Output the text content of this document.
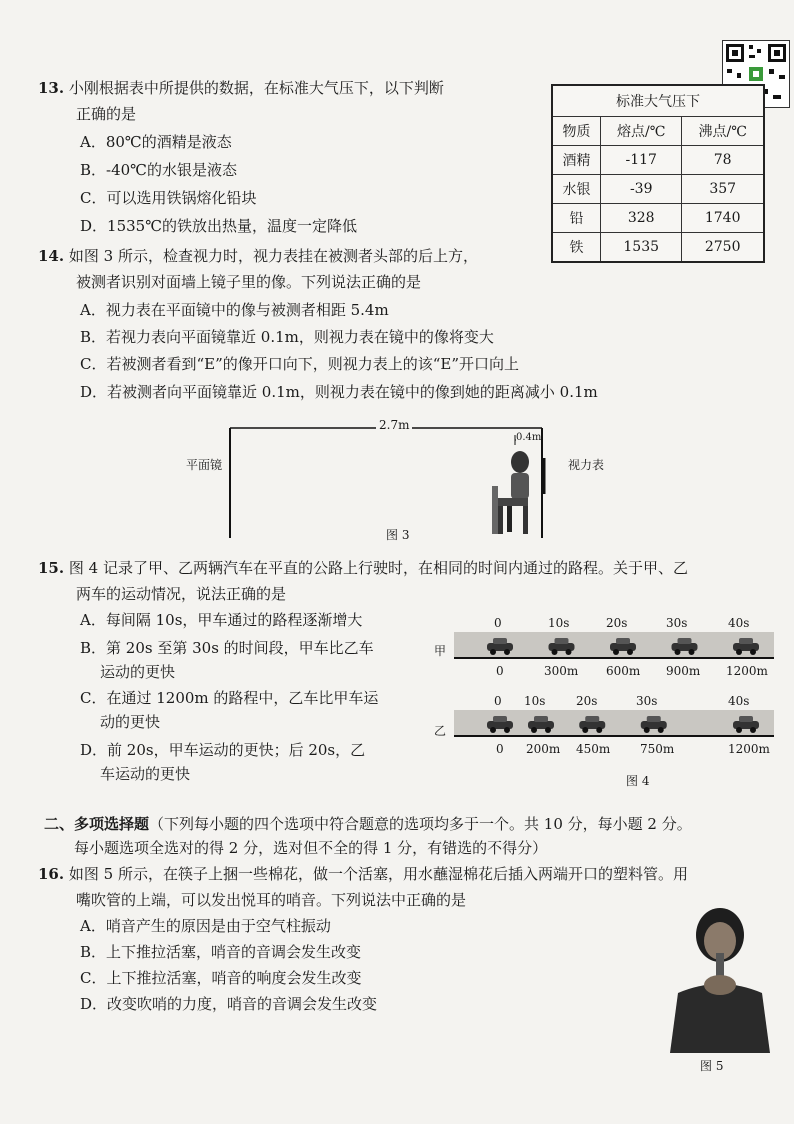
13. 小刚根据表中所提供的数据，在标准大气压下，以下判断
正确的是
A．80℃的酒精是液态
B．-40℃的水银是液态
C．可以选用铁锅熔化铅块
D．1535℃的铁放出热量，温度一定降低
标准大气压下		
物质	熔点/℃	沸点/℃
酒精	-117	78
水银	-39	357
铅	328	1740
铁	1535	2750
14. 如图 3 所示，检查视力时，视力表挂在被测者头部的后上方，
被测者识别对面墙上镜子里的像。下列说法正确的是
A．视力表在平面镜中的像与被测者相距 5.4m
B．若视力表向平面镜靠近 0.1m，则视力表在镜中的像将变大
C．若被测者看到“E”的像开口向下，则视力表上的该“E”开口向上
D．若被测者向平面镜靠近 0.1m，则视力表在镜中的像到她的距离减小 0.1m
平面镜	视力表
2.7m
0.4m
图 3
15. 图 4 记录了甲、乙两辆汽车在平直的公路上行驶时，在相同的时间内通过的路程。关于甲、乙
两车的运动情况，说法正确的是
A．每间隔 10s，甲车通过的路程逐渐增大
B．第 20s 至第 30s 的时间段，甲车比乙车
运动的更快
C．在通过 1200m 的路程中，乙车比甲车运
动的更快
D．前 20s，甲车运动的更快；后 20s，乙
车运动的更快
甲
乙
0	10s	20s	30s	40s
0	300m 600m 900m 1200m
0 10s	20s	30s	40s
0 200m 450m 750m	1200m
图 4
二、多项选择题（下列每小题的四个选项中符合题意的选项均多于一个。共 10 分，每小题 2 分。
每小题选项全选对的得 2 分，选对但不全的得 1 分，有错选的不得分）
16. 如图 5 所示，在筷子上捆一些棉花，做一个活塞，用水蘸湿棉花后插入两端开口的塑料管。用
嘴吹管的上端，可以发出悦耳的哨音。下列说法中正确的是
A．哨音产生的原因是由于空气柱振动
B．上下推拉活塞，哨音的音调会发生改变
C．上下推拉活塞，哨音的响度会发生改变
D．改变吹哨的力度，哨音的音调会发生改变
图 5
